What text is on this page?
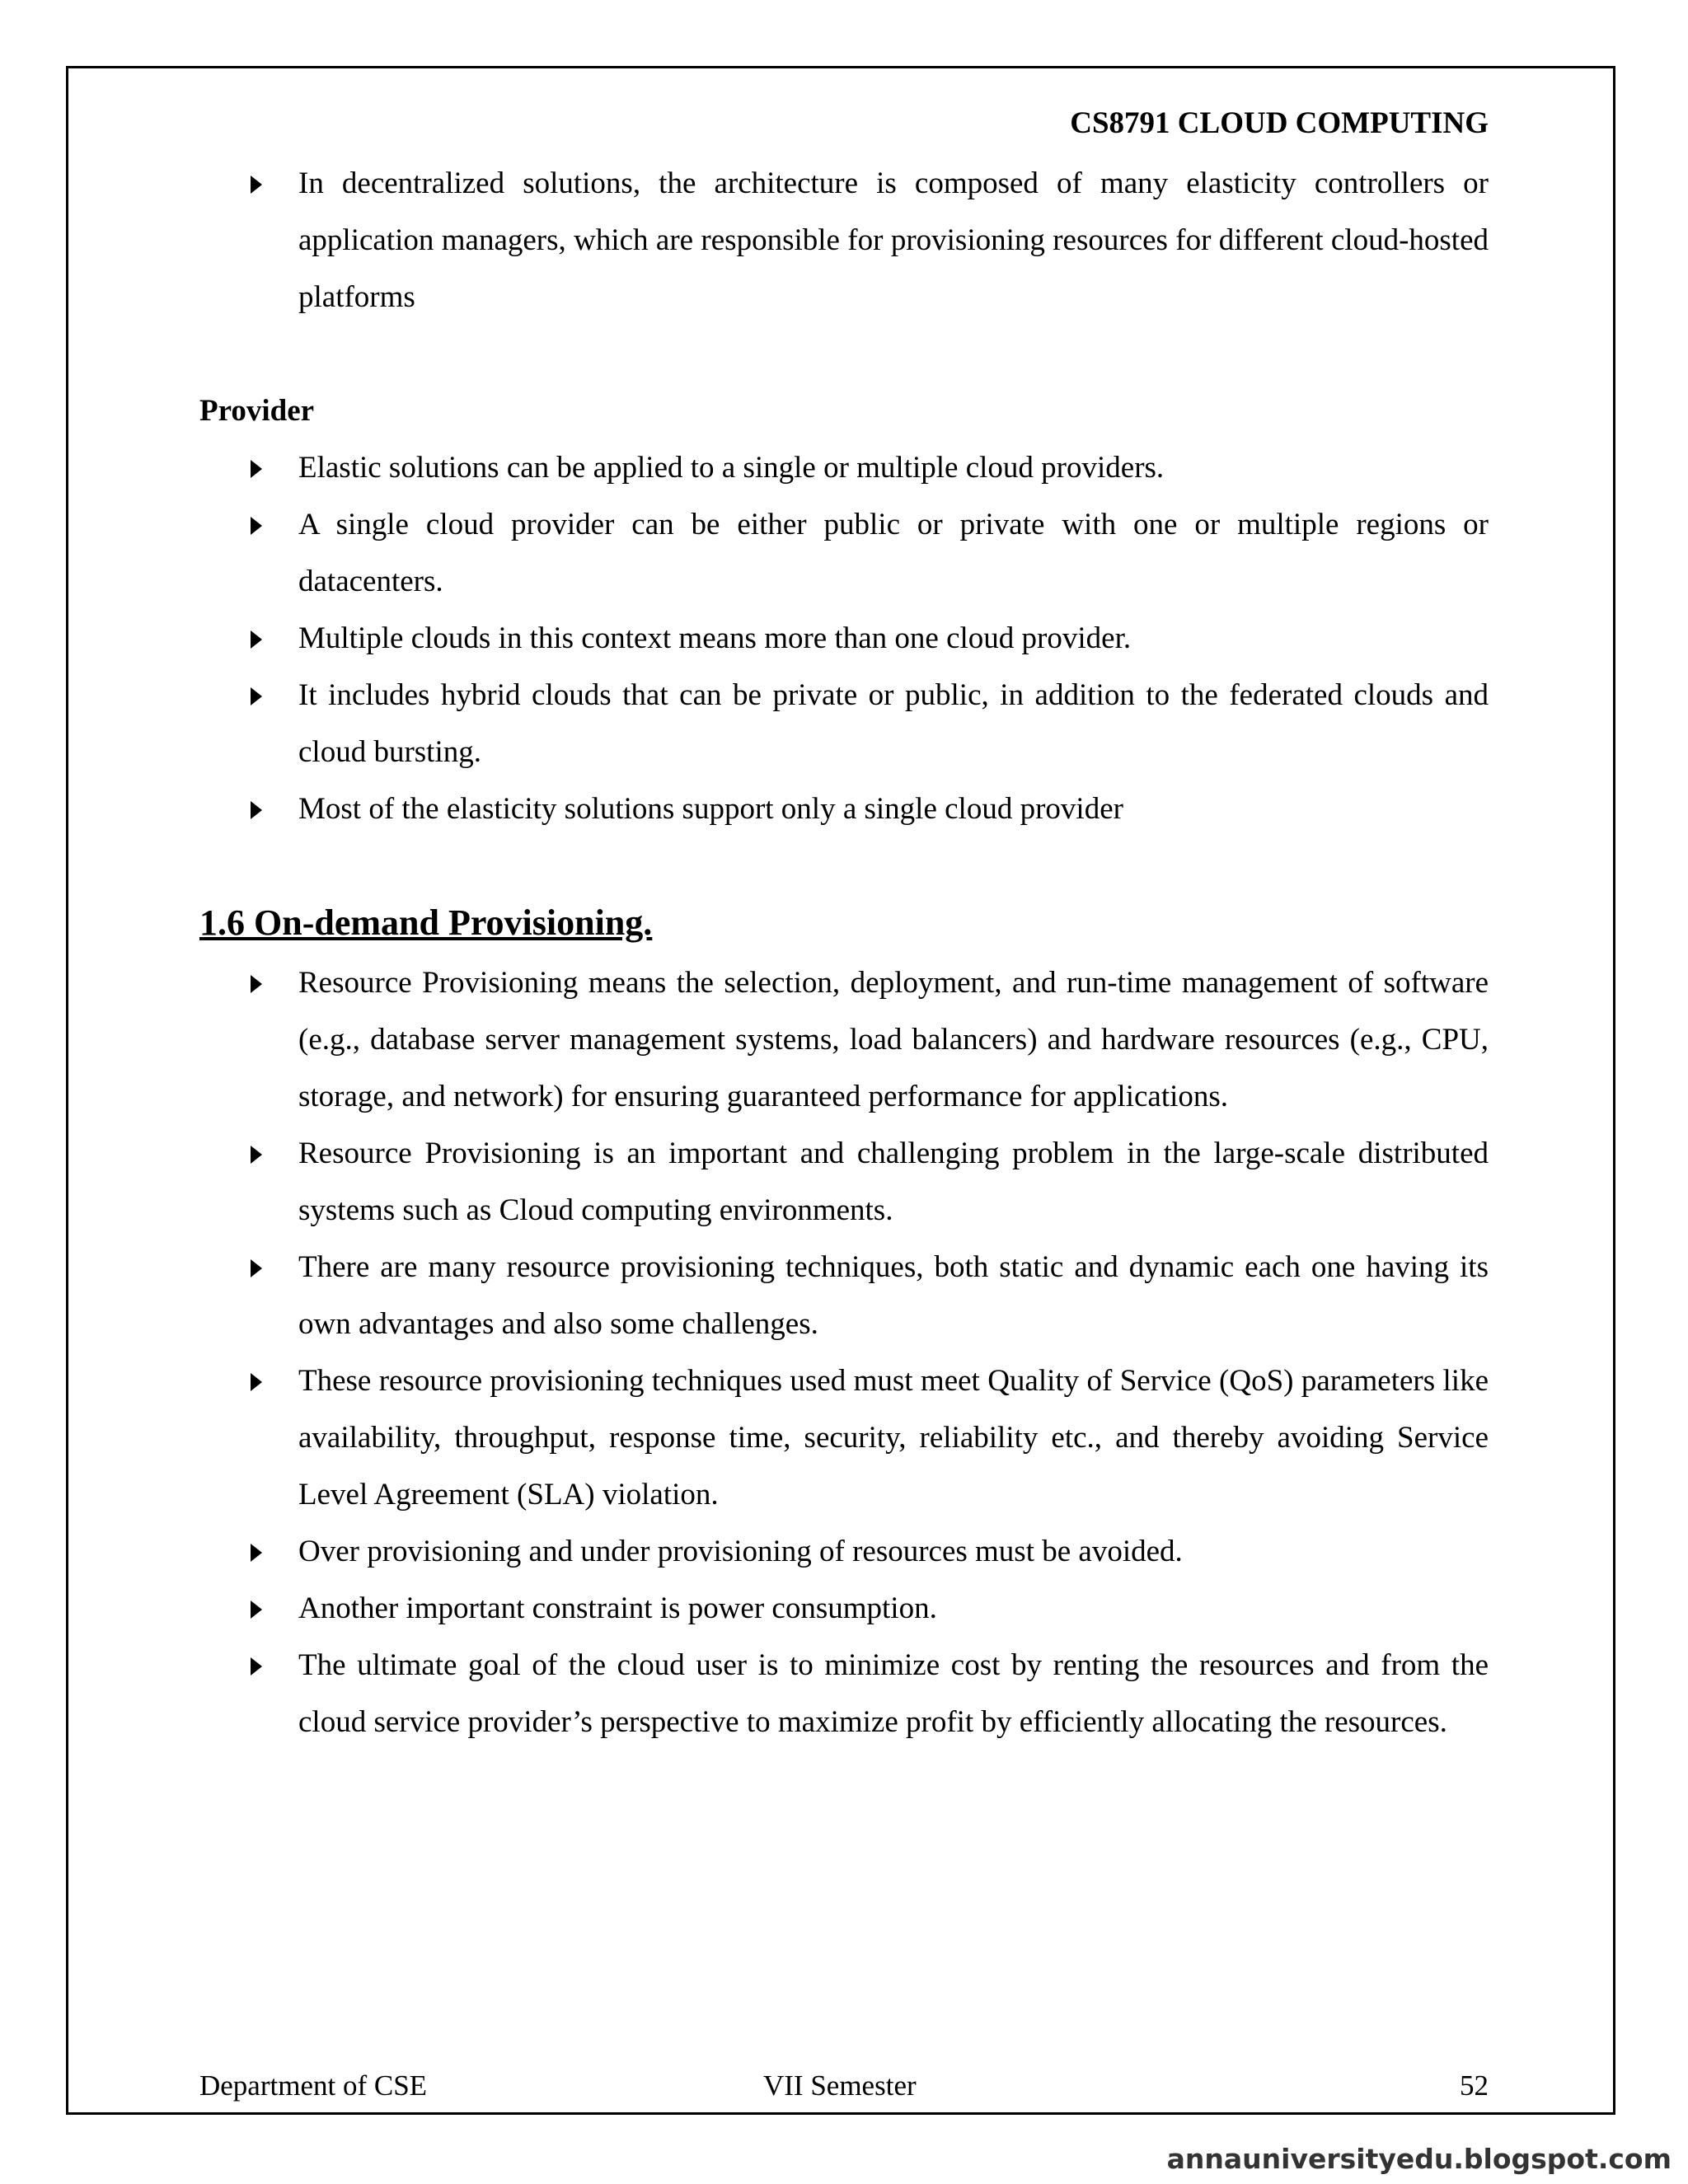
CS8791 CLOUD COMPUTING
In decentralized solutions, the architecture is composed of many elasticity controllers or application managers, which are responsible for provisioning resources for different cloud-hosted platforms
Provider
Elastic solutions can be applied to a single or multiple cloud providers.
A single cloud provider can be either public or private with one or multiple regions or datacenters.
Multiple clouds in this context means more than one cloud provider.
It includes hybrid clouds that can be private or public, in addition to the federated clouds and cloud bursting.
Most of the elasticity solutions support only a single cloud provider
1.6 On-demand Provisioning.
Resource Provisioning means the selection, deployment, and run-time management of software (e.g., database server management systems, load balancers) and hardware resources (e.g., CPU, storage, and network) for ensuring guaranteed performance for applications.
Resource Provisioning is an important and challenging problem in the large-scale distributed systems such as Cloud computing environments.
There are many resource provisioning techniques, both static and dynamic each one having its own advantages and also some challenges.
These resource provisioning techniques used must meet Quality of Service (QoS) parameters like availability, throughput, response time, security, reliability etc., and thereby avoiding Service Level Agreement (SLA) violation.
Over provisioning and under provisioning of resources must be avoided.
Another important constraint is power consumption.
The ultimate goal of the cloud user is to minimize cost by renting the resources and from the cloud service provider’s perspective to maximize profit by efficiently allocating the resources.
Department of CSE	VII Semester	52
annauniversityedu.blogspot.com
